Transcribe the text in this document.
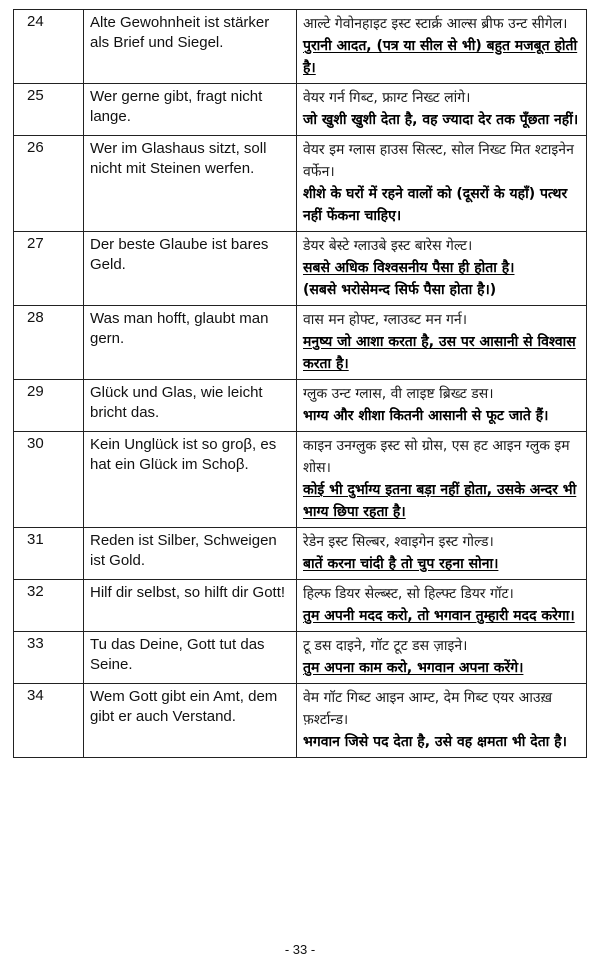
24	Alte Gewohnheit ist stärker als Brief und Siegel.	आल्टे गेवोनहाइट इस्ट स्टार्क्र आल्स ब्रीफ उन्ट सीगेल।
पुरानी आदत, (पत्र या सील से भी) बहुत मजबूत होती है।

25	Wer gerne gibt, fragt nicht lange.	वेयर गर्न गिब्ट, फ्राग्ट निख्ट लांगे।
जो खुशी खुशी देता है, वह ज्यादा देर तक पूँछता नहीं।

26	Wer im Glashaus sitzt, soll nicht mit Steinen werfen.	वेयर इम ग्लास हाउस सित्स्ट, सोल निख्ट मित श्टाइनेन वर्फेन।
शीशे के घरों में रहने वालों को (दूसरों के यहाँ) पत्थर नहीं फेंकना चाहिए।

27	Der beste Glaube ist bares Geld.	डेयर बेस्टे ग्लाउबे इस्ट बारेस गेल्ट।
सबसे अधिक विश्वसनीय पैसा ही होता है।
(सबसे भरोसेमन्द सिर्फ पैसा होता है।)

28	Was man hofft, glaubt man gern.	वास मन होफ्ट, ग्लाउब्ट मन गर्न।
मनुष्य जो आशा करता है, उस पर आसानी से विश्वास करता है।

29	Glück und Glas, wie leicht bricht das.	ग्लुक उन्ट ग्लास, वी लाइष्ट ब्रिख्ट डस।
भाग्य और शीशा कितनी आसानी से फूट जाते हैं।

30	Kein Unglück ist so groβ, es hat ein Glück im Schoβ.	काइन उनग्लुक इस्ट सो ग्रोस, एस हट आइन ग्लुक इम शोस।
कोई भी दुर्भाग्य इतना बड़ा नहीं होता, उसके अन्दर भी भाग्य छिपा रहता है।

31	Reden ist Silber, Schweigen ist Gold.	रेडेन इस्ट सिल्बर, श्वाइगेन इस्ट गोल्ड।
बातें करना चांदी है तो चुप रहना सोना।

32	Hilf dir selbst, so hilft dir Gott!	हिल्फ डियर सेल्ब्स्ट, सो हिल्फ्ट डियर गॉट।
तुम अपनी मदद करो, तो भगवान तुम्हारी मदद करेगा।

33	Tu das Deine, Gott tut das Seine.	टू डस दाइने, गॉट टूट डस ज़ाइने।
तुम अपना काम करो, भगवान अपना करेंगे।

34	Wem Gott gibt ein Amt, dem gibt er auch Verstand.	वेम गॉट गिब्ट आइन आम्ट, देम गिब्ट एयर आउख़ फ़र्श्टान्ड।
भगवान जिसे पद देता है, उसे वह क्षमता भी देता है।
- 33 -
